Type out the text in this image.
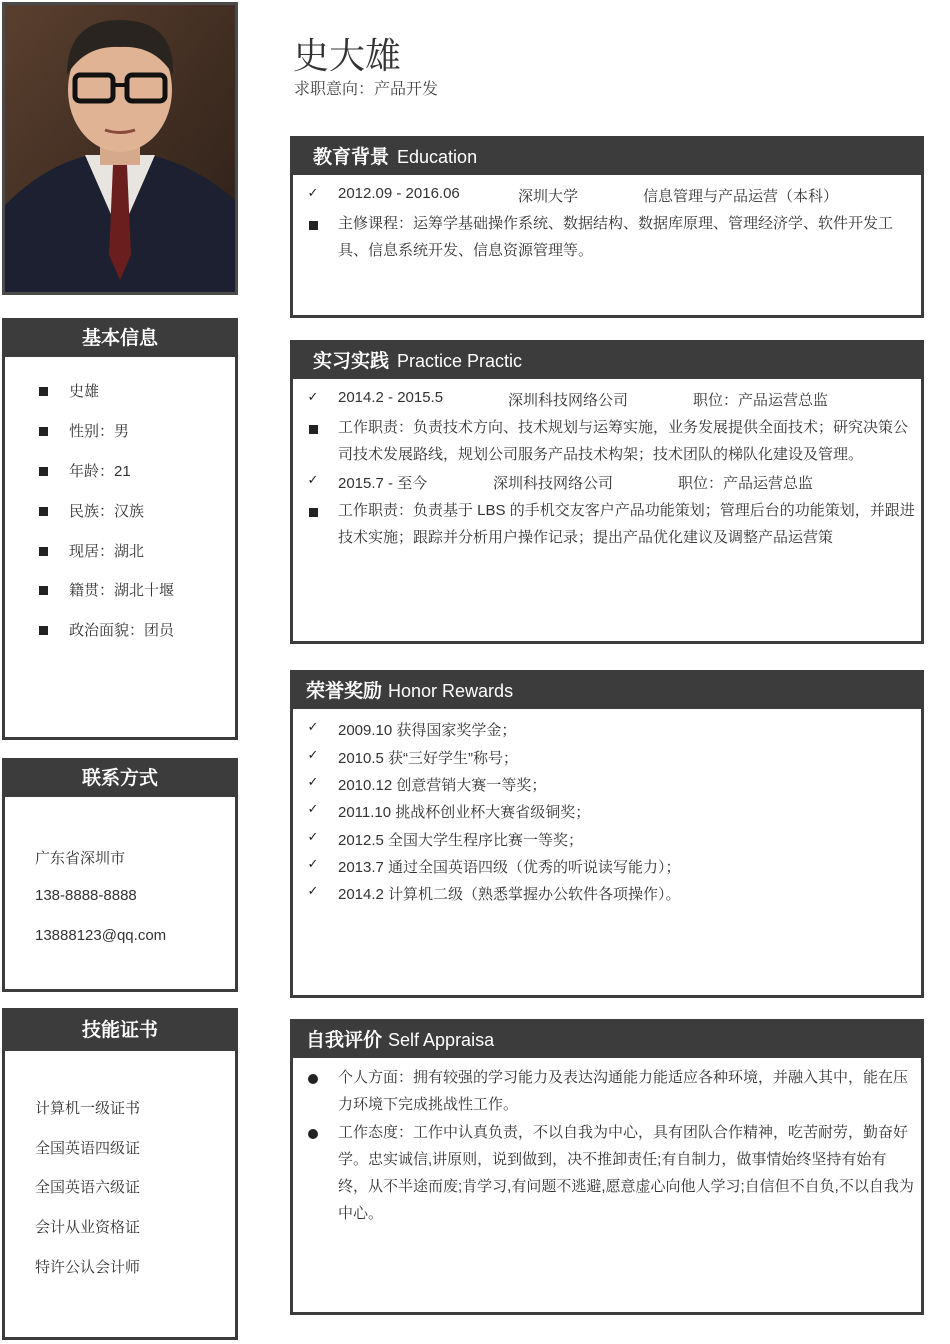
史大雄
求职意向：产品开发
基本信息
史雄
性别：男
年龄：21
民族：汉族
现居：湖北
籍贯：湖北十堰
政治面貌：团员
联系方式
广东省深圳市
138-8888-8888
13888123@qq.com
技能证书
计算机一级证书
全国英语四级证
全国英语六级证
会计从业资格证
特许公认会计师
教育背景 Education
✓ 2012.09 - 2016.06	深圳大学	信息管理与产品运营（本科）
主修课程：运筹学基础操作系统、数据结构、数据库原理、管理经济学、软件开发工具、信息系统开发、信息资源管理等。
实习实践 Practice Practic
✓ 2014.2 - 2015.5	深圳科技网络公司	职位：产品运营总监
工作职责：负责技术方向、技术规划与运筹实施，业务发展提供全面技术；研究决策公司技术发展路线，规划公司服务产品技术构架；技术团队的梯队化建设及管理。
✓ 2015.7 - 至今	深圳科技网络公司	职位：产品运营总监
工作职责：负责基于 LBS 的手机交友客户产品功能策划；管理后台的功能策划，并跟进技术实施；跟踪并分析用户操作记录；提出产品优化建议及调整产品运营策
荣誉奖励 Honor Rewards
✓ 2009.10 获得国家奖学金；
✓ 2010.5 获“三好学生”称号；
✓ 2010.12 创意营销大赛一等奖；
✓ 2011.10 挑战杯创业杯大赛省级铜奖；
✓ 2012.5 全国大学生程序比赛一等奖；
✓ 2013.7 通过全国英语四级（优秀的听说读写能力）；
✓ 2014.2 计算机二级（熟悉掌握办公软件各项操作）。
自我评价 Self Appraisa
个人方面：拥有较强的学习能力及表达沟通能力能适应各种环境，并融入其中，能在压力环境下完成挑战性工作。
工作态度：工作中认真负责，不以自我为中心，具有团队合作精神，吃苦耐劳，勤奋好学。忠实诚信,讲原则，说到做到，决不推卸责任;有自制力，做事情始终坚持有始有终，从不半途而废;肯学习,有问题不逃避,愿意虚心向他人学习;自信但不自负,不以自我为中心。
